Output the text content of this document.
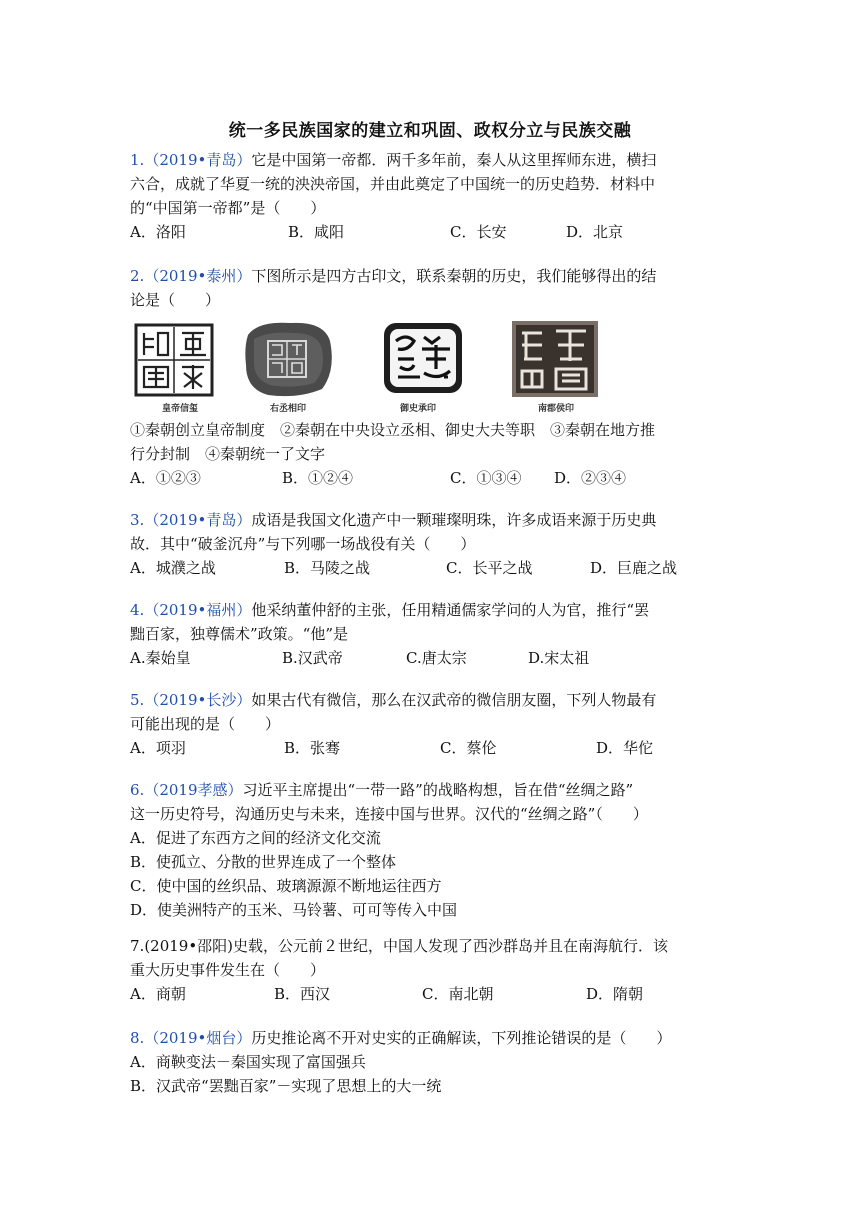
统一多民族国家的建立和巩固、政权分立与民族交融
1.（2019•青岛）它是中国第一帝都．两千多年前，秦人从这里挥师东进，横扫
六合，成就了华夏一统的泱泱帝国，并由此奠定了中国统一的历史趋势．材料中
的“中国第一帝都”是（　　）
A．洛阳	B．咸阳	C．长安	D．北京
2.（2019•泰州）下图所示是四方古印文，联系秦朝的历史，我们能够得出的结
论是（　　）
皇帝信玺	右丞相印	御史承印	南郡侯印
①秦朝创立皇帝制度　②秦朝在中央设立丞相、御史大夫等职　③秦朝在地方推
行分封制　④秦朝统一了文字
A．①②③	B．①②④	C．①③④	D．②③④
3.（2019•青岛）成语是我国文化遗产中一颗璀璨明珠，许多成语来源于历史典
故．其中“破釜沉舟”与下列哪一场战役有关（　　）
A．城濮之战	B．马陵之战	C．长平之战	D．巨鹿之战
4.（2019•福州）他采纳董仲舒的主张，任用精通儒家学问的人为官，推行“罢
黜百家，独尊儒术”政策。“他”是
A.秦始皇	B.汉武帝	C.唐太宗	D.宋太祖
5.（2019•长沙）如果古代有微信，那么在汉武帝的微信朋友圈，下列人物最有
可能出现的是（　　）
A．项羽	B．张骞	C．蔡伦	D．华佗
6.（2019孝感）习近平主席提出“一带一路”的战略构想，旨在借“丝绸之路”
这一历史符号，沟通历史与未来，连接中国与世界。汉代的“丝绸之路”（　　）
A．促进了东西方之间的经济文化交流
B．使孤立、分散的世界连成了一个整体
C．使中国的丝织品、玻璃源源不断地运往西方
D．使美洲特产的玉米、马铃薯、可可等传入中国
7.(2019•邵阳)史载，公元前２世纪，中国人发现了西沙群岛并且在南海航行．该
重大历史事件发生在（　　）
A．商朝	B．西汉	C．南北朝	D．隋朝
8.（2019•烟台）历史推论离不开对史实的正确解读，下列推论错误的是（　　）
A．商鞅变法－秦国实现了富国强兵
B．汉武帝“罢黜百家”－实现了思想上的大一统
